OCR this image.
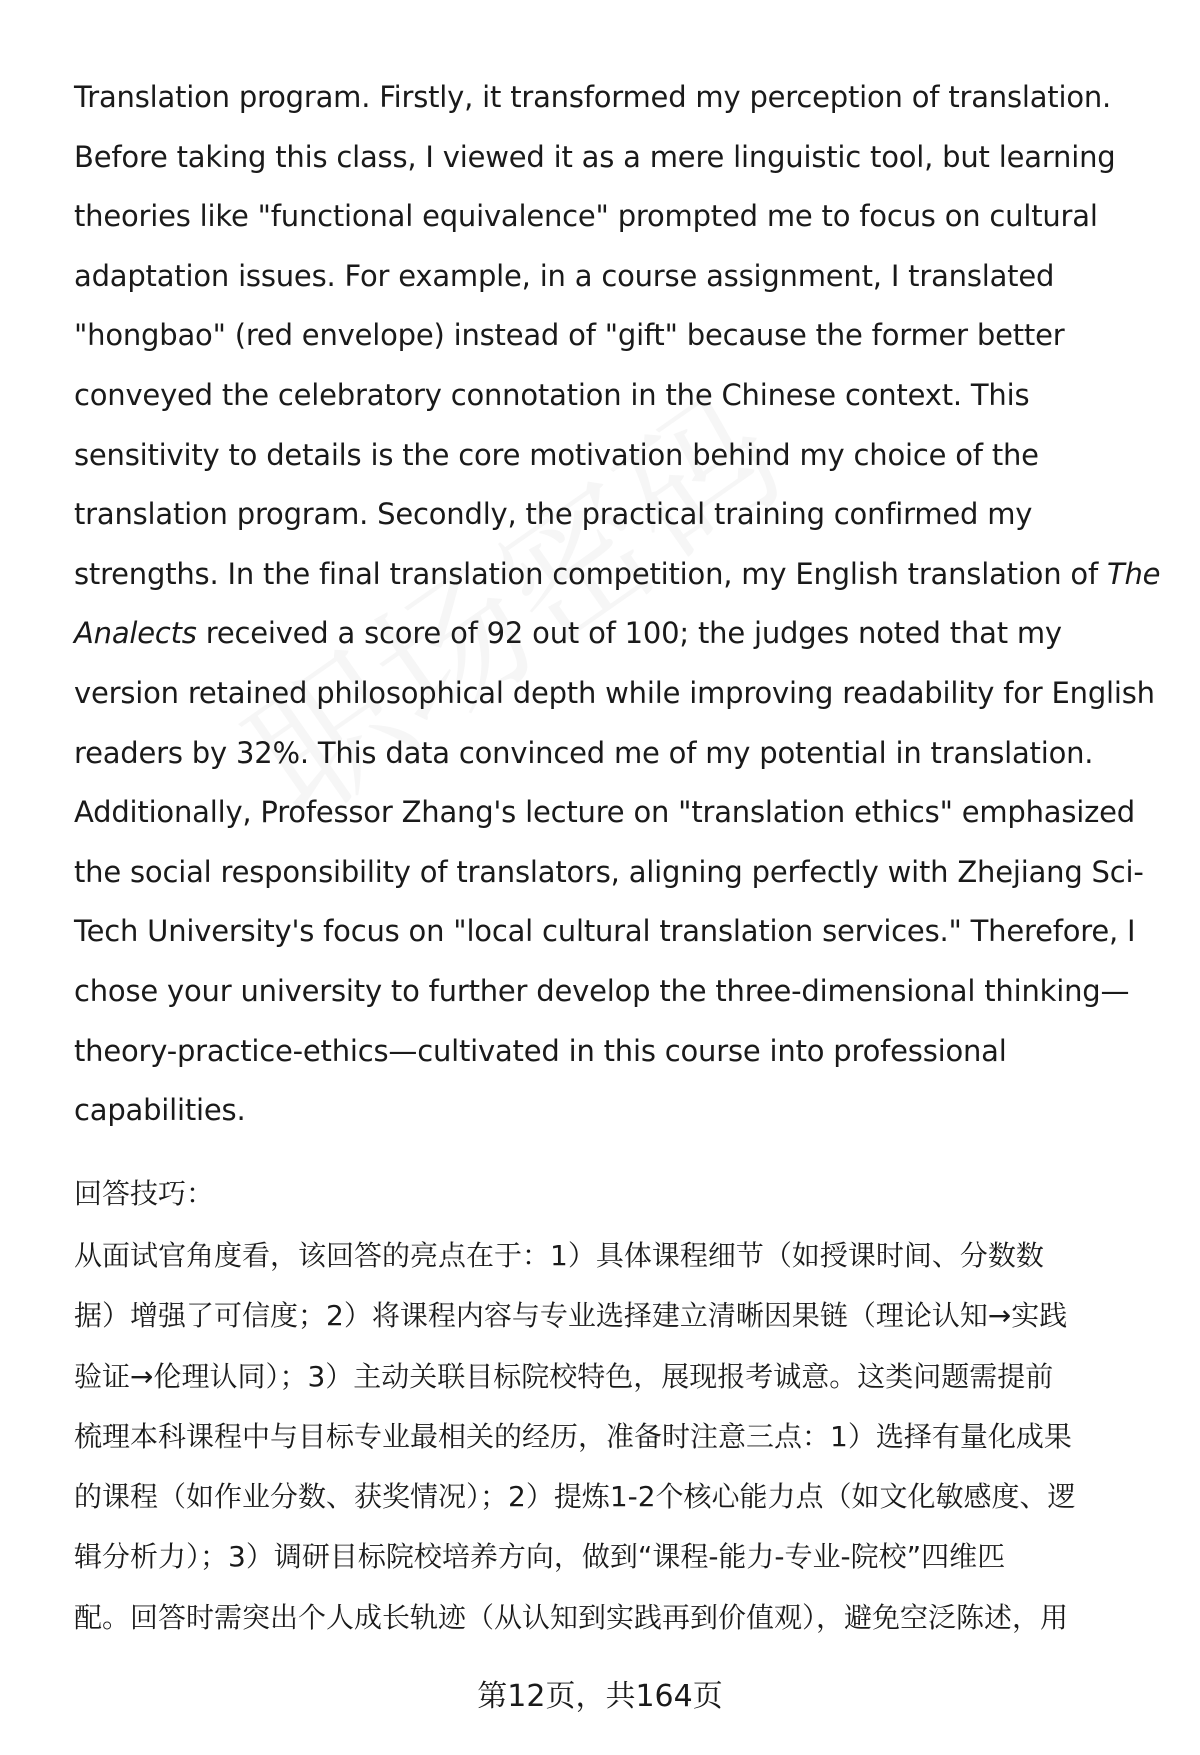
Translation program. Firstly, it transformed my perception of translation.
Before taking this class, I viewed it as a mere linguistic tool, but learning
theories like "functional equivalence" prompted me to focus on cultural
adaptation issues. For example, in a course assignment, I translated
"hongbao" (red envelope) instead of "gift" because the former better
conveyed the celebratory connotation in the Chinese context. This
sensitivity to details is the core motivation behind my choice of the
translation program. Secondly, the practical training confirmed my
strengths. In the final translation competition, my English translation of The
Analects received a score of 92 out of 100; the judges noted that my
version retained philosophical depth while improving readability for English
readers by 32%. This data convinced me of my potential in translation.
Additionally, Professor Zhang's lecture on "translation ethics" emphasized
the social responsibility of translators, aligning perfectly with Zhejiang Sci-
Tech University's focus on "local cultural translation services." Therefore, I
chose your university to further develop the three-dimensional thinking—
theory-practice-ethics—cultivated in this course into professional
capabilities.
回答技巧：
从面试官角度看，该回答的亮点在于：1）具体课程细节（如授课时间、分数数
据）增强了可信度；2）将课程内容与专业选择建立清晰因果链（理论认知→实践
验证→伦理认同）；3）主动关联目标院校特色，展现报考诚意。这类问题需提前
梳理本科课程中与目标专业最相关的经历，准备时注意三点：1）选择有量化成果
的课程（如作业分数、获奖情况）；2）提炼1-2个核心能力点（如文化敏感度、逻
辑分析力）；3）调研目标院校培养方向，做到“课程-能力-专业-院校”四维匹
配。回答时需突出个人成长轨迹（从认知到实践再到价值观），避免空泛陈述，用
第12页，共164页
